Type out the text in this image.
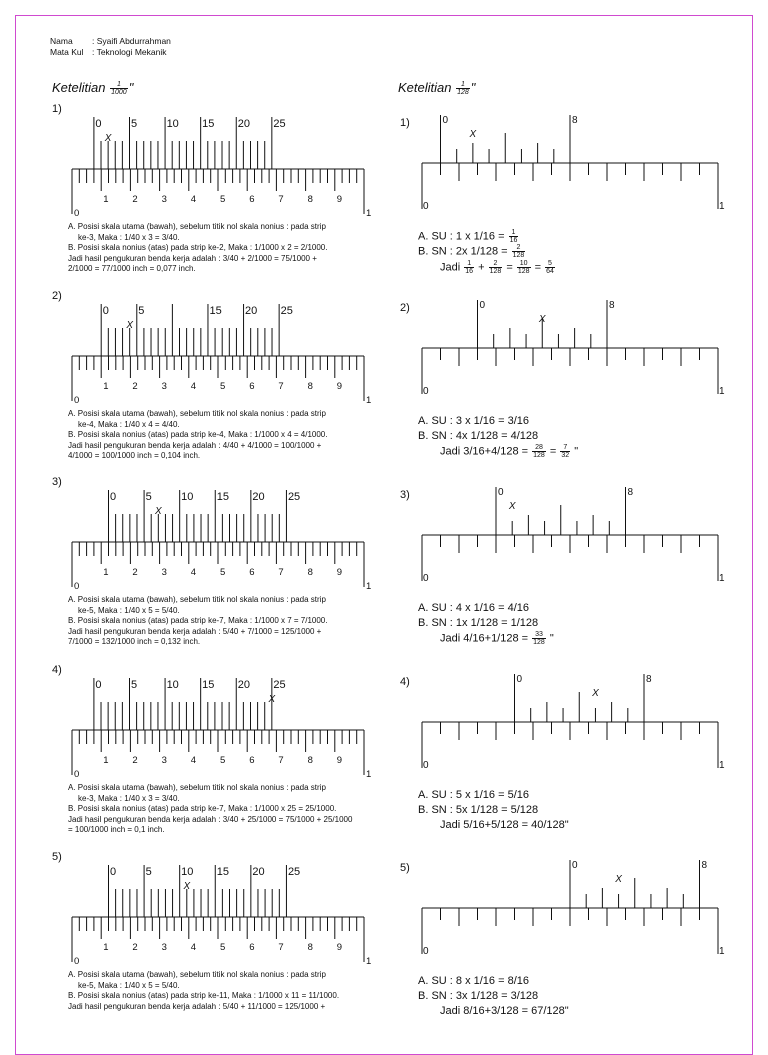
Nama : Syaifi Abdurrahman
Mata Kul : Teknologi Mekanik
Ketelitian $\frac{1}{1000}$ "	Ketelitian $\frac{1}{128}$ "
1)
0
1	2	3	4	5	6	7	8	9
1
0	5	10 15 20 25
X
A. Posisi skala utama (bawah), sebelum titik nol skala nonius : pada strip
ke-3, Maka : 1/40 x 3 = 3/40.
B. Posisi skala nonius (atas) pada strip ke-2, Maka : 1/1000 x 2 = 2/1000.
Jadi hasil pengukuran benda kerja adalah : 3/40 + 2/1000 = 75/1000 +
2/1000 = 77/1000 inch = 0,077 inch.
2)
0
1	2	3	4	5	6	7	8	9
1
0	5	15 20 25
X
A. Posisi skala utama (bawah), sebelum titik nol skala nonius : pada strip
ke-4, Maka : 1/40 x 4 = 4/40.
B. Posisi skala nonius (atas) pada strip ke-4, Maka : 1/1000 x 4 = 4/1000.
Jadi hasil pengukuran benda kerja adalah : 4/40 + 4/1000 = 100/1000 +
4/1000 = 100/1000 inch = 0,104 inch.
3)
0
1	2	3	4	5	6	7	8	9
1
0	5	10 15 20 25
X
A. Posisi skala utama (bawah), sebelum titik nol skala nonius : pada strip
ke-5, Maka : 1/40 x 5 = 5/40.
B. Posisi skala nonius (atas) pada strip ke-7, Maka : 1/1000 x 7 = 7/1000.
Jadi hasil pengukuran benda kerja adalah : 5/40 + 7/1000 = 125/1000 +
7/1000 = 132/1000 inch = 0,132 inch.
4)
0
1	2	3	4	5	6	7	8	9
1
0	5	10 15 20 25
X
A. Posisi skala utama (bawah), sebelum titik nol skala nonius : pada strip
ke-3, Maka : 1/40 x 3 = 3/40.
B. Posisi skala nonius (atas) pada strip ke-7, Maka : 1/1000 x 25 = 25/1000.
Jadi hasil pengukuran benda kerja adalah : 3/40 + 25/1000 = 75/1000 + 25/1000
= 100/1000 inch = 0,1 inch.
5)
0
1	2	3	4	5	6	7	8	9
1
0	5	10 15 20 25
X
A. Posisi skala utama (bawah), sebelum titik nol skala nonius : pada strip
ke-5, Maka : 1/40 x 5 = 5/40.
B. Posisi skala nonius (atas) pada strip ke-11, Maka : 1/1000 x 11 = 11/1000.
Jadi hasil pengukuran benda kerja adalah : 5/40 + 11/1000 = 125/1000 +
1)
0	1
0	8
X
A. SU : 1 x $1/16 = \frac{1}{16}$
B. SN : 2x $1/128 = \frac{2}{128}$
Jadi $\frac{1}{16} + \frac{2}{128} = \frac{10}{128} = \frac{5}{64}$
2)
0	1
0	8
X
A. SU : 3 x 1/16 = 3/16
B. SN : 4x 1/128 = 4/128
Jadi $3/16+4/128 = \frac{28}{128} = \frac{7}{32}$ "
3)
0	1
0	8
X
A. SU : 4 x 1/16 = 4/16
B. SN : 1x 1/128 = 1/128
Jadi $4/16+1/128 = \frac{33}{128}$ "
4)
0	1
0	8
X
A. SU : 5 x 1/16 = 5/16
B. SN : 5x 1/128 = 5/128
Jadi 5/16+5/128 = 40/128"
5)
0	1
0	8
X
A. SU : 8 x 1/16 = 8/16
B. SN : 3x 1/128 = 3/128
Jadi 8/16+3/128 = 67/128"
